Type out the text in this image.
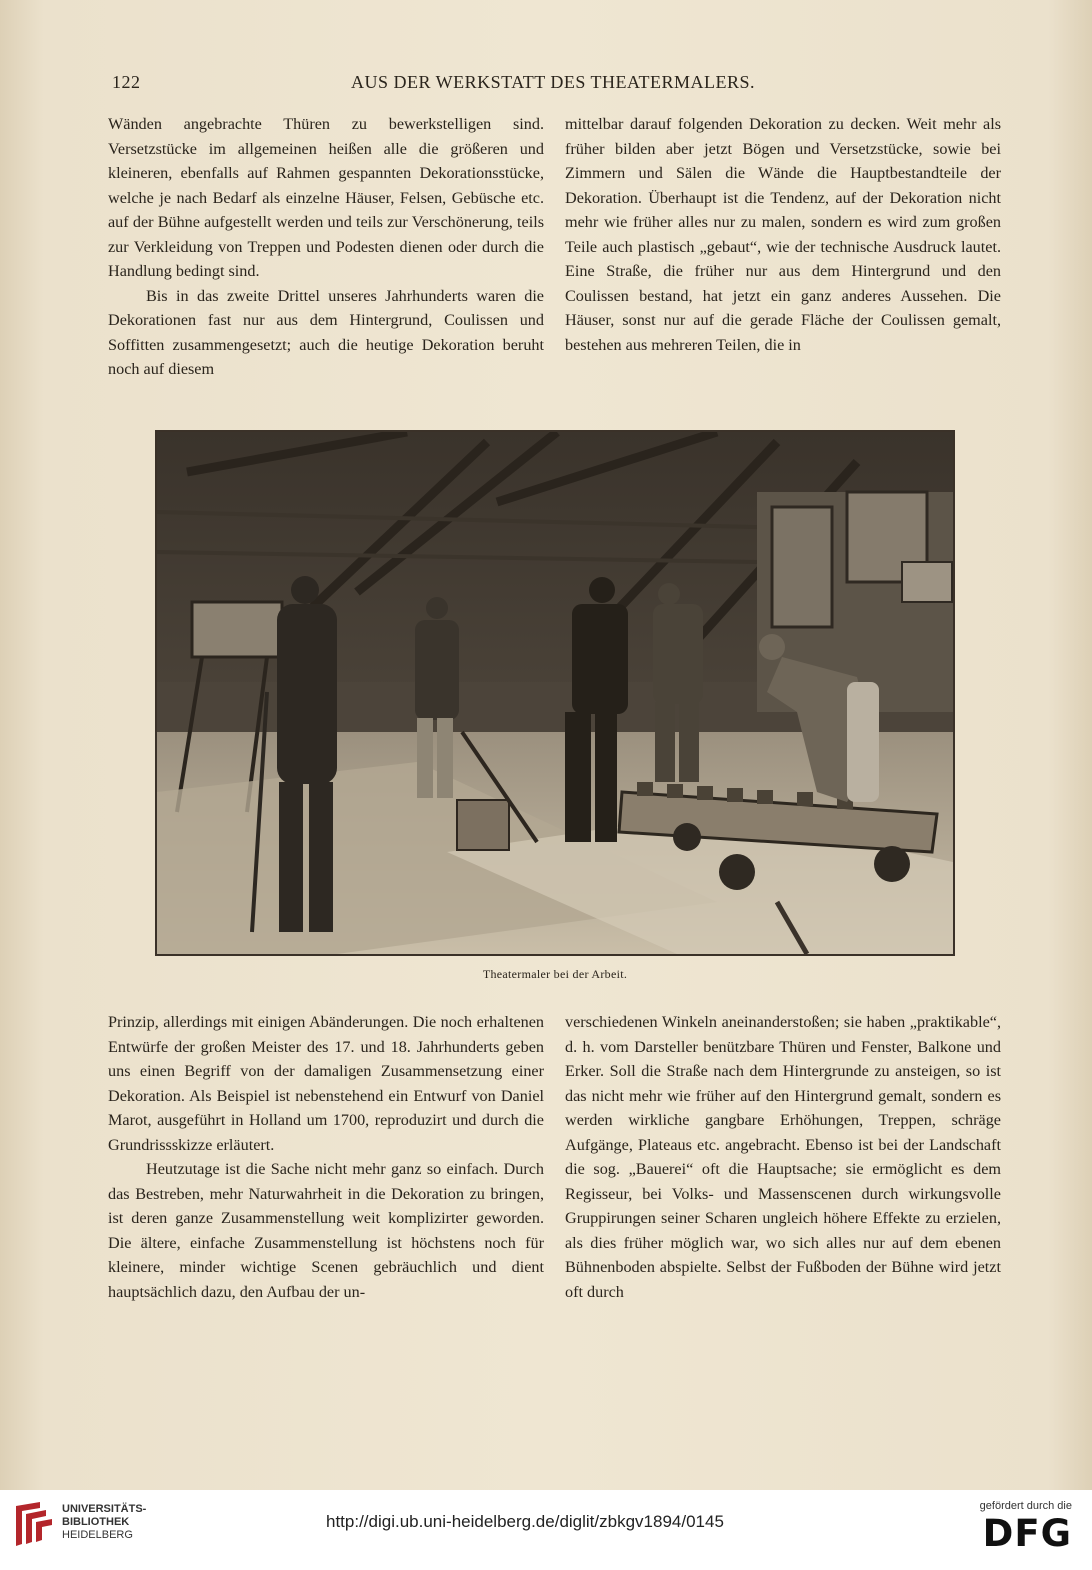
122	AUS DER WERKSTATT DES THEATERMALERS.

Wänden angebrachte Thüren zu bewerkstelligen sind. Versetzstücke im allgemeinen heißen alle die größeren und kleineren, ebenfalls auf Rahmen gespannten Dekorationsstücke, welche je nach Bedarf als einzelne Häuser, Felsen, Gebüsche etc. auf der Bühne aufgestellt werden und teils zur Verschönerung, teils zur Verkleidung von Treppen und Podesten dienen oder durch die Handlung bedingt sind.

Bis in das zweite Drittel unseres Jahrhunderts waren die Dekorationen fast nur aus dem Hintergrund, Coulissen und Soffitten zusammengesetzt; auch die heutige Dekoration beruht noch auf diesem

mittelbar darauf folgenden Dekoration zu decken. Weit mehr als früher bilden aber jetzt Bögen und Versetzstücke, sowie bei Zimmern und Sälen die Wände die Hauptbestandteile der Dekoration. Überhaupt ist die Tendenz, auf der Dekoration nicht mehr wie früher alles nur zu malen, sondern es wird zum großen Teile auch plastisch „gebaut“, wie der technische Ausdruck lautet. Eine Straße, die früher nur aus dem Hintergrund und den Coulissen bestand, hat jetzt ein ganz anderes Aussehen. Die Häuser, sonst nur auf die gerade Fläche der Coulissen gemalt, bestehen aus mehreren Teilen, die in

Theatermaler bei der Arbeit.

Prinzip, allerdings mit einigen Abänderungen. Die noch erhaltenen Entwürfe der großen Meister des 17. und 18. Jahrhunderts geben uns einen Begriff von der damaligen Zusammensetzung einer Dekoration. Als Beispiel ist nebenstehend ein Entwurf von Daniel Marot, ausgeführt in Holland um 1700, reproduzirt und durch die Grundrissskizze erläutert.

Heutzutage ist die Sache nicht mehr ganz so einfach. Durch das Bestreben, mehr Naturwahrheit in die Dekoration zu bringen, ist deren ganze Zusammenstellung weit komplizirter geworden. Die ältere, einfache Zusammenstellung ist höchstens noch für kleinere, minder wichtige Scenen gebräuchlich und dient hauptsächlich dazu, den Aufbau der un-

verschiedenen Winkeln aneinanderstoßen; sie haben „praktikable“, d. h. vom Darsteller benützbare Thüren und Fenster, Balkone und Erker. Soll die Straße nach dem Hintergrunde zu ansteigen, so ist das nicht mehr wie früher auf den Hintergrund gemalt, sondern es werden wirkliche gangbare Erhöhungen, Treppen, schräge Aufgänge, Plateaus etc. angebracht. Ebenso ist bei der Landschaft die sog. „Bauerei“ oft die Hauptsache; sie ermöglicht es dem Regisseur, bei Volks- und Massenscenen durch wirkungsvolle Gruppirungen seiner Scharen ungleich höhere Effekte zu erzielen, als dies früher möglich war, wo sich alles nur auf dem ebenen Bühnenboden abspielte. Selbst der Fußboden der Bühne wird jetzt oft durch

UNIVERSITÄTS-
BIBLIOTHEK
HEIDELBERG
http://digi.ub.uni-heidelberg.de/diglit/zbkgv1894/0145
gefördert durch die
DFG
